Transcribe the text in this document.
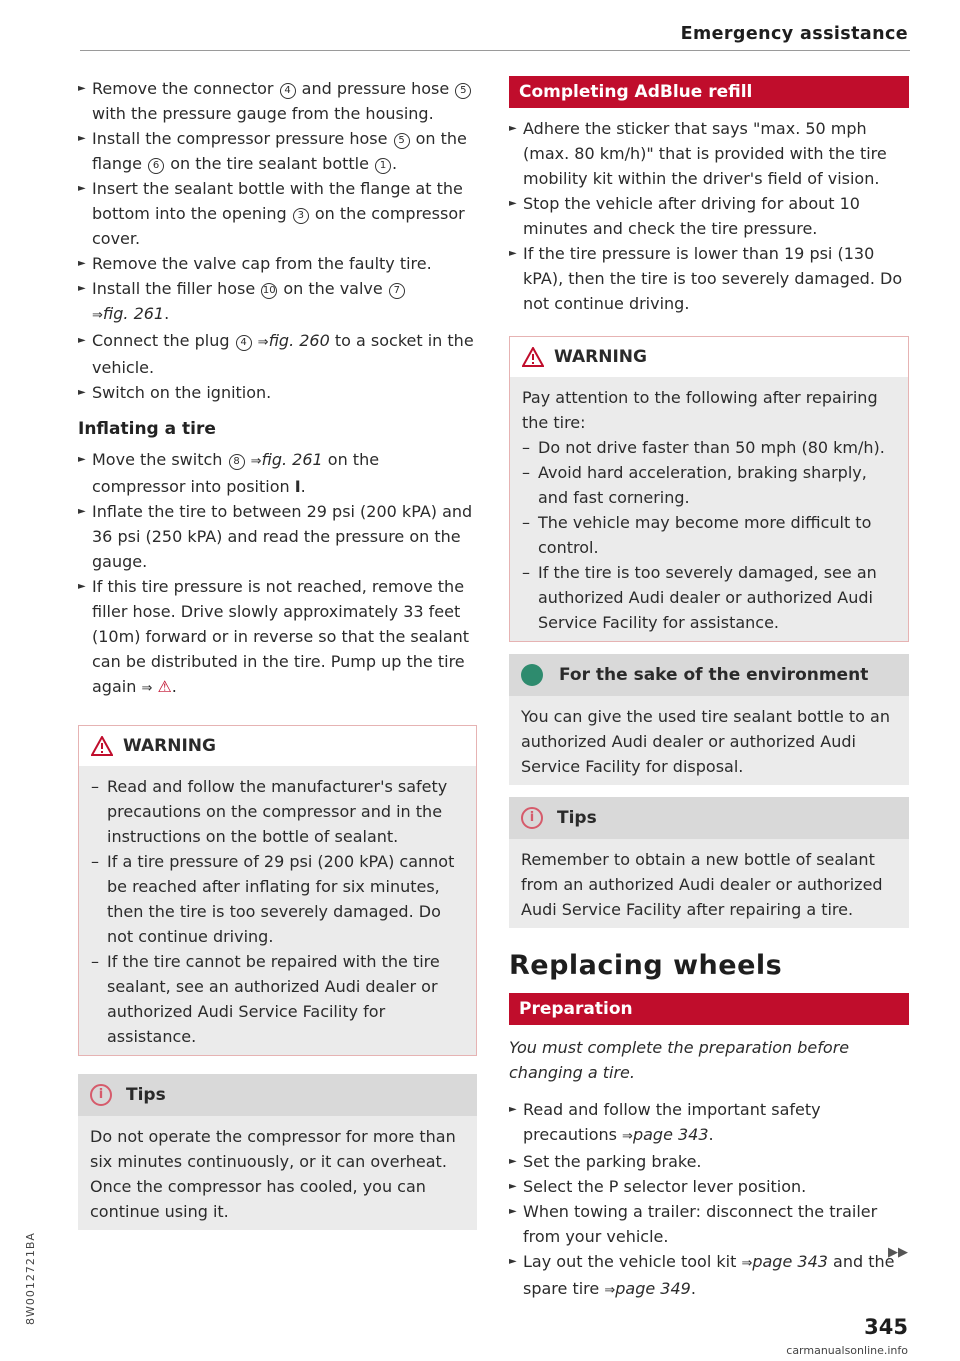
Emergency assistance
► Remove the connector 4 and pressure hose 5 with the pressure gauge from the housing.
► Install the compressor pressure hose 5 on the flange 6 on the tire sealant bottle 1 .
► Insert the sealant bottle with the flange at the bottom into the opening 3 on the compressor cover.
► Remove the valve cap from the faulty tire.
► Install the filler hose 10 on the valve 7
⇒fig. 261.
► Connect the plug 4 ⇒fig. 260 to a socket in the vehicle.
► Switch on the ignition.
Inflating a tire
► Move the switch 8 ⇒fig. 261 on the compressor into position I.
► Inflate the tire to between 29 psi (200 kPA) and 36 psi (250 kPA) and read the pressure on the gauge.
► If this tire pressure is not reached, remove the filler hose. Drive slowly approximately 33 feet (10m) forward or in reverse so that the sealant can be distributed in the tire. Pump up the tire again ⇒ ⚠.
WARNING
– Read and follow the manufacturer's safety precautions on the compressor and in the instructions on the bottle of sealant.
– If a tire pressure of 29 psi (200 kPA) cannot be reached after inflating for six minutes, then the tire is too severely damaged. Do not continue driving.
– If the tire cannot be repaired with the tire sealant, see an authorized Audi dealer or authorized Audi Service Facility for assistance.
i	Tips
Do not operate the compressor for more than six minutes continuously, or it can overheat. Once the compressor has cooled, you can continue using it.
Completing AdBlue refill
► Adhere the sticker that says "max. 50 mph (max. 80 km/h)" that is provided with the tire mobility kit within the driver's field of vision.
► Stop the vehicle after driving for about 10 minutes and check the tire pressure.
► If the tire pressure is lower than 19 psi (130 kPA), then the tire is too severely damaged. Do not continue driving.
WARNING
Pay attention to the following after repairing the tire:
– Do not drive faster than 50 mph (80 km/h).
– Avoid hard acceleration, braking sharply, and fast cornering.
– The vehicle may become more difficult to control.
– If the tire is too severely damaged, see an authorized Audi dealer or authorized Audi Service Facility for assistance.
For the sake of the environment
You can give the used tire sealant bottle to an authorized Audi dealer or authorized Audi Service Facility for disposal.
i	Tips
Remember to obtain a new bottle of sealant from an authorized Audi dealer or authorized Audi Service Facility after repairing a tire.
Replacing wheels
Preparation
You must complete the preparation before changing a tire.
► Read and follow the important safety precautions ⇒page 343.
► Set the parking brake.
► Select the P selector lever position.
► When towing a trailer: disconnect the trailer from your vehicle.
► Lay out the vehicle tool kit ⇒page 343 and the spare tire ⇒page 349.
▶▶
8W0012721BA
345
carmanualsonline.info
